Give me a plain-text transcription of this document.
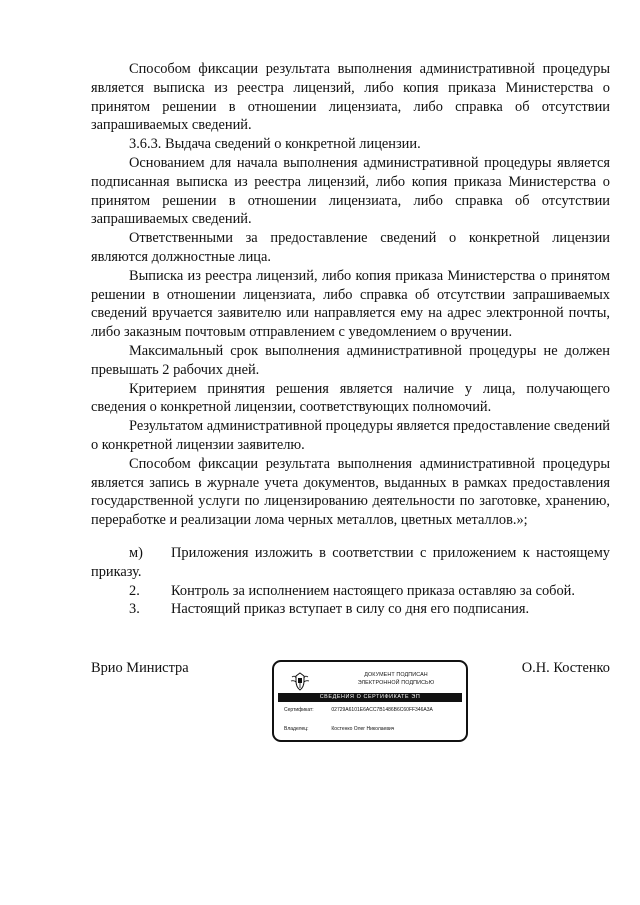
Способом фиксации результата выполнения административной процедуры является выписка из реестра лицензий, либо копия приказа Министерства о принятом решении в отношении лицензиата, либо справка об отсутствии запрашиваемых сведений.

3.6.3. Выдача сведений о конкретной лицензии.

Основанием для начала выполнения административной процедуры является подписанная выписка из реестра лицензий, либо копия приказа Министерства о принятом решении в отношении лицензиата, либо справка об отсутствии запрашиваемых сведений.

Ответственными за предоставление сведений о конкретной лицензии являются должностные лица.

Выписка из реестра лицензий, либо копия приказа Министерства о принятом решении в отношении лицензиата, либо справка об отсутствии запрашиваемых сведений вручается заявителю или направляется ему на адрес электронной почты, либо заказным почтовым отправлением с уведомлением о вручении.

Максимальный срок выполнения административной процедуры не должен превышать 2 рабочих дней.

Критерием принятия решения является наличие у лица, получающего сведения о конкретной лицензии, соответствующих полномочий.

Результатом административной процедуры является предоставление сведений о конкретной лицензии заявителю.

Способом фиксации результата выполнения административной процедуры является запись в журнале учета документов, выданных в рамках предоставления государственной услуги по лицензированию деятельности по заготовке, хранению, переработке и реализации лома черных металлов, цветных металлов.»;

м)	Приложения изложить в соответствии с приложением к настоящему приказу.
2.	Контроль за исполнением настоящего приказа оставляю за собой.
3.	Настоящий приказ вступает в силу со дня его подписания.
Врио Министра	О.Н. Костенко
ДОКУМЕНТ ПОДПИСАН
ЭЛЕКТРОННОЙ ПОДПИСЬЮ
СВЕДЕНИЯ О СЕРТИФИКАТЕ ЭП
Сертификат:	02729A6101E6ACC7B1486B6C60FF346A3A
Владелец:	Костенко Олег Николаевич
